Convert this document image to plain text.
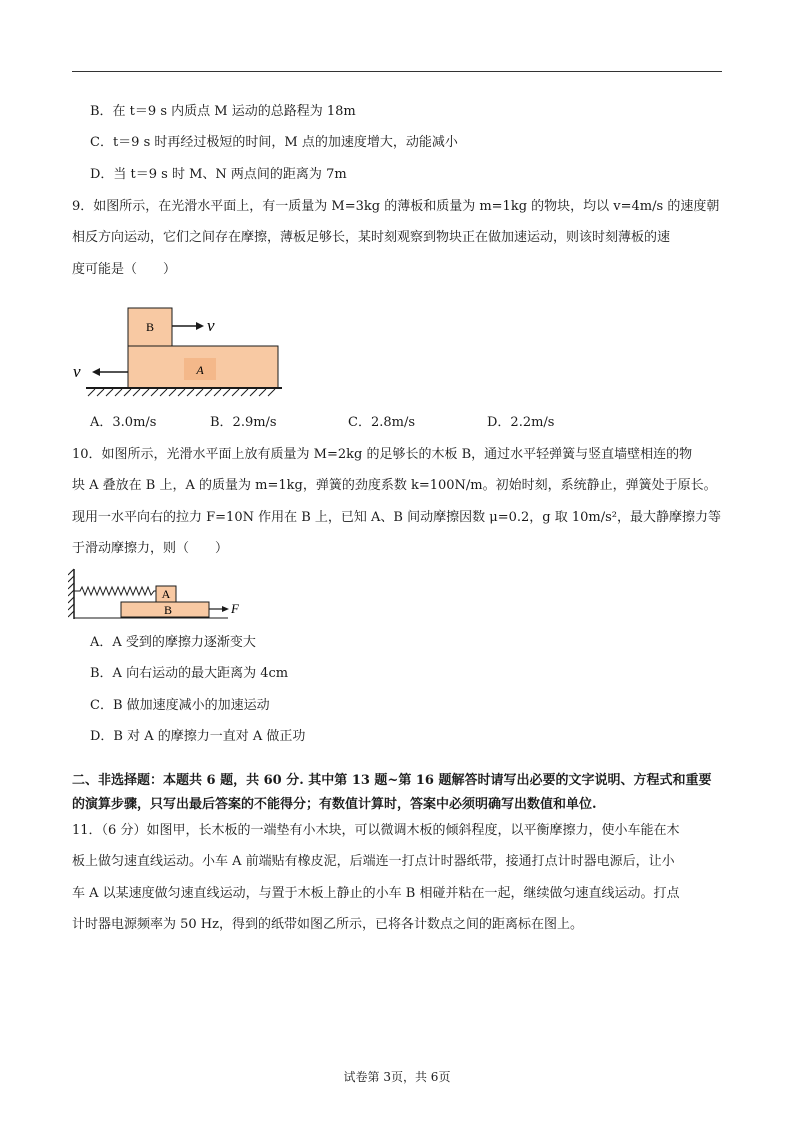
B．在 t＝9 s 内质点 M 运动的总路程为 18m
C．t＝9 s 时再经过极短的时间，M 点的加速度增大，动能减小
D．当 t＝9 s 时 M、N 两点间的距离为 7m
9．如图所示，在光滑水平面上，有一质量为 M=3kg 的薄板和质量为 m=1kg 的物块，均以 v=4m/s 的速度朝
相反方向运动，它们之间存在摩擦，薄板足够长，某时刻观察到物块正在做加速运动，则该时刻薄板的速
度可能是（　　）
A
B	v
v
A．3.0m/s	B．2.9m/s	C．2.8m/s	D．2.2m/s
10．如图所示，光滑水平面上放有质量为 M=2kg 的足够长的木板 B，通过水平轻弹簧与竖直墙壁相连的物
块 A 叠放在 B 上，A 的质量为 m=1kg，弹簧的劲度系数 k=100N/m。初始时刻，系统静止，弹簧处于原长。
现用一水平向右的拉力 F=10N 作用在 B 上，已知 A、B 间动摩擦因数 μ=0.2，g 取 10m/s²，最大静摩擦力等
于滑动摩擦力，则（　　）
A
B	F
A．A 受到的摩擦力逐渐变大
B．A 向右运动的最大距离为 4cm
C．B 做加速度减小的加速运动
D．B 对 A 的摩擦力一直对 A 做正功
二、非选择题：本题共 6 题，共 60 分. 其中第 13 题~第 16 题解答时请写出必要的文字说明、方程式和重要
的演算步骤，只写出最后答案的不能得分；有数值计算时，答案中必须明确写出数值和单位.
11．（6 分）如图甲，长木板的一端垫有小木块，可以微调木板的倾斜程度，以平衡摩擦力，使小车能在木
板上做匀速直线运动。小车 A 前端贴有橡皮泥，后端连一打点计时器纸带，接通打点计时器电源后，让小
车 A 以某速度做匀速直线运动，与置于木板上静止的小车 B 相碰并粘在一起，继续做匀速直线运动。打点
计时器电源频率为 50 Hz，得到的纸带如图乙所示，已将各计数点之间的距离标在图上。
试卷第 3页，共 6页
